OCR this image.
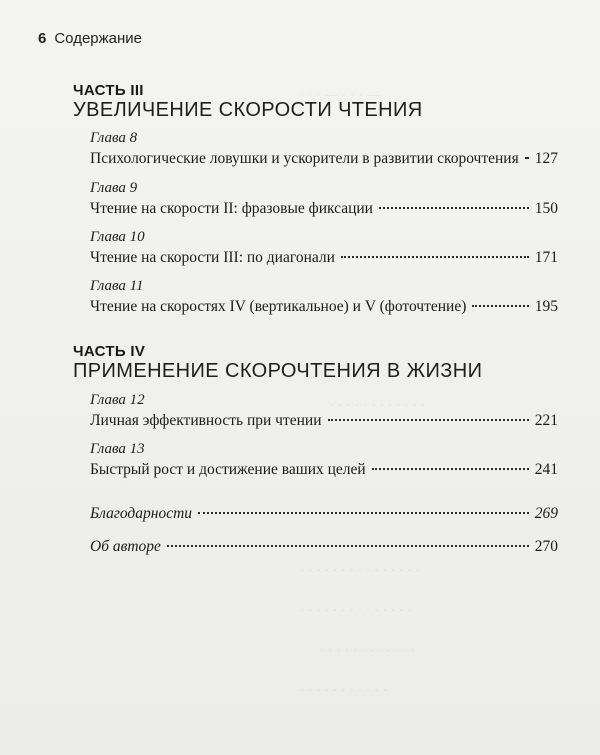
— · · · — · · ·
. . . . . . . . . . . .
. . . . . . . . . . . . . . .
. . . . . . . . . . . . . .
. . . . . . . . . . . .
. . . . . . . . . . .
6 Содержание
ЧАСТЬ III
УВЕЛИЧЕНИЕ СКОРОСТИ ЧТЕНИЯ
Глава 8
Психологические ловушки и ускорители в развитии скорочтения 127
Глава 9
Чтение на скорости II: фразовые фиксации	150
Глава 10
Чтение на скорости III: по диагонали	171
Глава 11
Чтение на скоростях IV (вертикальное) и V (фоточтение)	195
ЧАСТЬ IV
ПРИМЕНЕНИЕ СКОРОЧТЕНИЯ В ЖИЗНИ
Глава 12
Личная эффективность при чтении	221
Глава 13
Быстрый рост и достижение ваших целей	241
Благодарности	269
Об авторе	270
